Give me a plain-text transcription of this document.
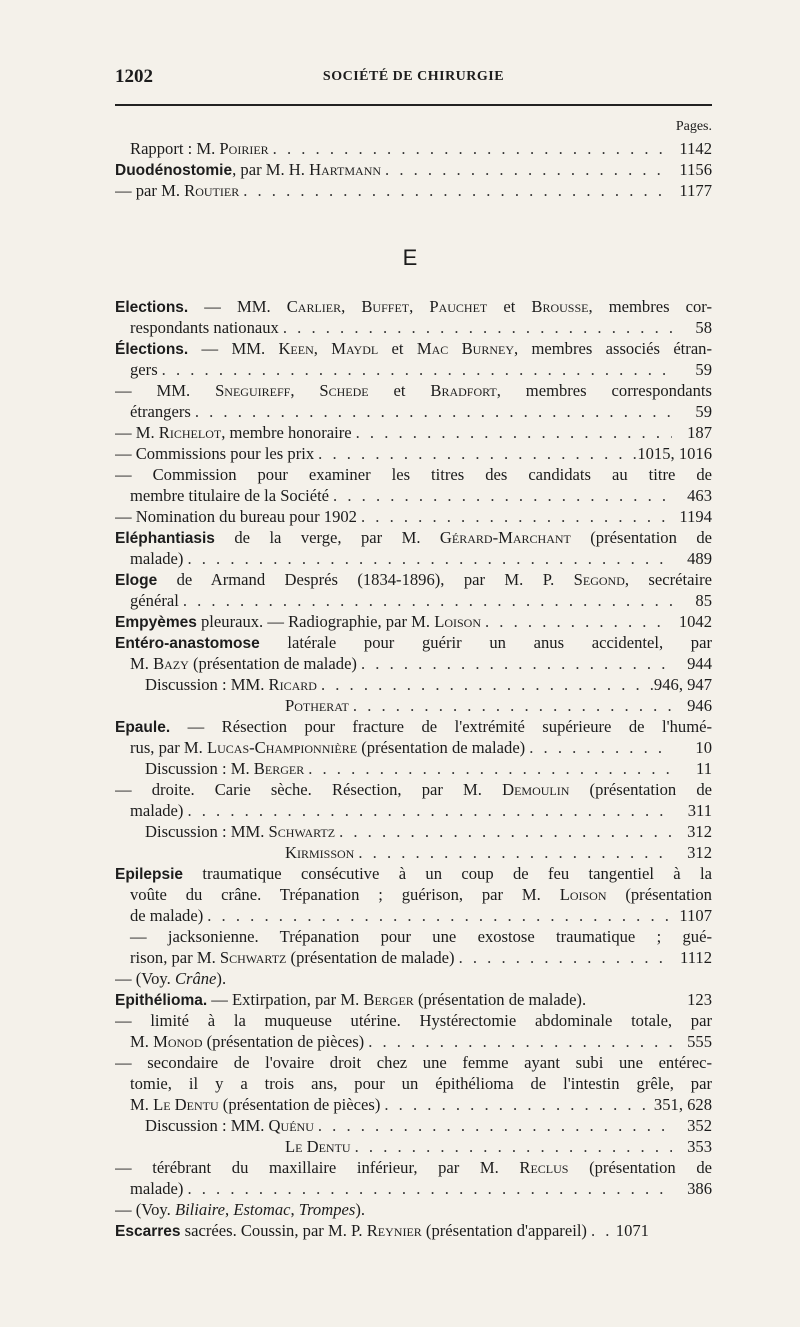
1202	SOCIÉTÉ DE CHIRURGIE
Pages.
Rapport : M. Poirier . . .	1142
Duodénostomie, par M. H. Hartmann . . .	1156
— par M. Routier . . .	1177
E
Elections. — MM. Carlier, Buffet, Pauchet et Brousse, membres cor-
respondants nationaux . . .	58
Élections. — MM. Keen, Maydl et Mac Burney, membres associés étran-
gers . . .	59
— MM. Sneguireff, Schede et Bradfort, membres correspondants
étrangers . . .	59
— M. Richelot, membre honoraire . . .	187
— Commissions pour les prix . . .	1015, 1016
— Commission pour examiner les titres des candidats au titre de
membre titulaire de la Société . . .	463
— Nomination du bureau pour 1902 . . .	1194
Eléphantiasis de la verge, par M. Gérard-Marchant (présentation de
malade) . . .	489
Eloge de Armand Després (1834-1896), par M. P. Segond, secrétaire
général . . .	85
Empyèmes pleuraux. — Radiographie, par M. Loison . . .	1042
Entéro-anastomose latérale pour guérir un anus accidentel, par
M. Bazy (présentation de malade) . . .	944
Discussion : MM. Ricard . . .	946, 947
Potherat . . .	946
Epaule. — Résection pour fracture de l'extrémité supérieure de l'humé-
rus, par M. Lucas-Championnière (présentation de malade) . . .	10
Discussion : M. Berger . . .	11
— droite. Carie sèche. Résection, par M. Demoulin (présentation de
malade) . . .	311
Discussion : MM. Schwartz . . .	312
Kirmisson . . .	312
Epilepsie traumatique consécutive à un coup de feu tangentiel à la
voûte du crâne. Trépanation ; guérison, par M. Loison (présentation
de malade) . . .	1107
— jacksonienne. Trépanation pour une exostose traumatique ; gué-
rison, par M. Schwartz (présentation de malade) . . .	1112
— (Voy. Crâne).
Epithélioma. — Extirpation, par M. Berger (présentation de malade).	123
— limité à la muqueuse utérine. Hystérectomie abdominale totale, par
M. Monod (présentation de pièces) . . .	555
— secondaire de l'ovaire droit chez une femme ayant subi une entérec-
tomie, il y a trois ans, pour un épithélioma de l'intestin grêle, par
M. Le Dentu (présentation de pièces) . . .	351, 628
Discussion : MM. Quénu . . .	352
Le Dentu . . .	353
— térébrant du maxillaire inférieur, par M. Reclus (présentation de
malade) . . .	386
— (Voy. Biliaire, Estomac, Trompes).
Escarres sacrées. Coussin, par M. P. Reynier (présentation d'appareil) . . .	1071
